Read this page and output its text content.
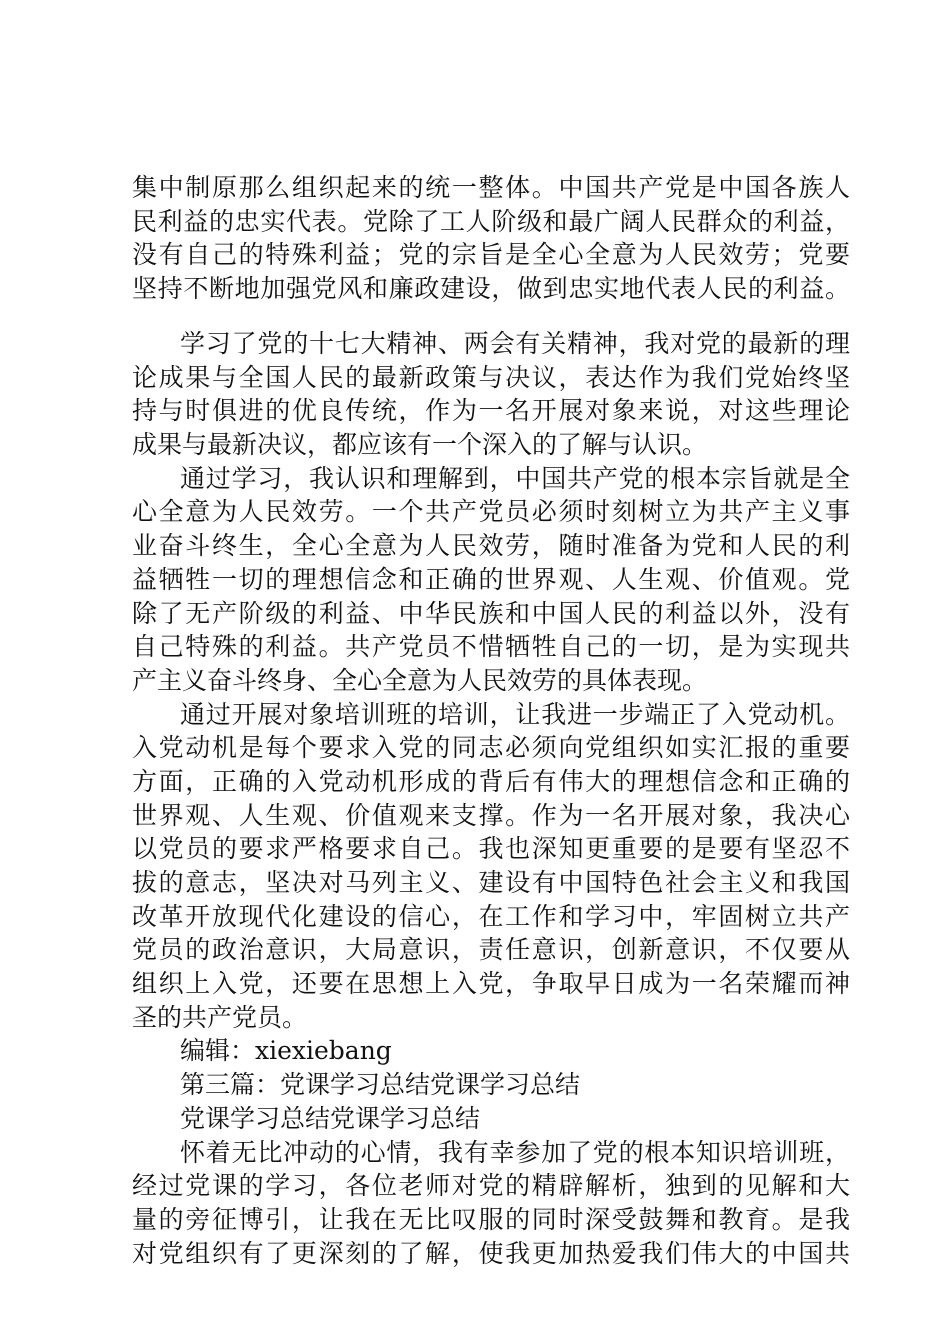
集中制原那么组织起来的统一整体。中国共产党是中国各族人
民利益的忠实代表。党除了工人阶级和最广阔人民群众的利益，
没有自己的特殊利益；党的宗旨是全心全意为人民效劳；党要
坚持不断地加强党风和廉政建设，做到忠实地代表人民的利益。
学习了党的十七大精神、两会有关精神，我对党的最新的理
论成果与全国人民的最新政策与决议，表达作为我们党始终坚
持与时俱进的优良传统，作为一名开展对象来说，对这些理论
成果与最新决议，都应该有一个深入的了解与认识。
通过学习，我认识和理解到，中国共产党的根本宗旨就是全
心全意为人民效劳。一个共产党员必须时刻树立为共产主义事
业奋斗终生，全心全意为人民效劳，随时准备为党和人民的利
益牺牲一切的理想信念和正确的世界观、人生观、价值观。党
除了无产阶级的利益、中华民族和中国人民的利益以外，没有
自己特殊的利益。共产党员不惜牺牲自己的一切，是为实现共
产主义奋斗终身、全心全意为人民效劳的具体表现。
通过开展对象培训班的培训，让我进一步端正了入党动机。
入党动机是每个要求入党的同志必须向党组织如实汇报的重要
方面，正确的入党动机形成的背后有伟大的理想信念和正确的
世界观、人生观、价值观来支撑。作为一名开展对象，我决心
以党员的要求严格要求自己。我也深知更重要的是要有坚忍不
拔的意志，坚决对马列主义、建设有中国特色社会主义和我国
改革开放现代化建设的信心，在工作和学习中，牢固树立共产
党员的政治意识，大局意识，责任意识，创新意识，不仅要从
组织上入党，还要在思想上入党，争取早日成为一名荣耀而神
圣的共产党员。
编辑：xiexiebang
第三篇：党课学习总结党课学习总结
党课学习总结党课学习总结
怀着无比冲动的心情，我有幸参加了党的根本知识培训班，
经过党课的学习，各位老师对党的精辟解析，独到的见解和大
量的旁征博引，让我在无比叹服的同时深受鼓舞和教育。是我
对党组织有了更深刻的了解，使我更加热爱我们伟大的中国共
